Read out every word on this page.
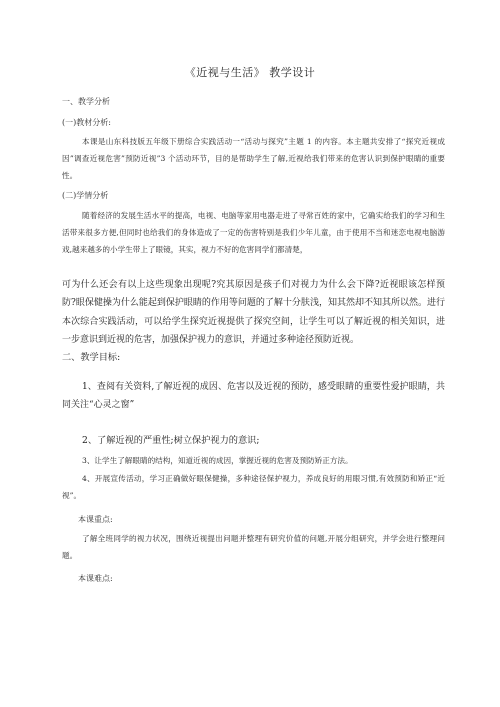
《近视与生活》 教学设计
一、教学分析
(一)教材分析:
本课是山东科技版五年级下册综合实践活动一“活动与探究”主题 1 的内容。本主题共安排了“探究近视成因”调查近视危害”预防近视”3 个活动环节，目的是帮助学生了解,近视给我们带来的危害认识到保护眼睛的重要性。
(二)学情分析
随着经济的发展生活水平的提高，电视、电脑等家用电器走进了寻常百姓的家中，它确实给我们的学习和生活带来很多方便,但同时也给我们的身体造成了一定的伤害特别是我们少年儿童，由于使用不当和迷恋电视电脑游戏,越来越多的小学生带上了眼镜，其实，视力不好的危害同学们都清楚，
可为什么还会有以上这些现象出现呢?究其原因是孩子们对视力为什么会下降?近视眼该怎样预防?眼保健操为什么能起到保护眼睛的作用等问题的了解十分肤浅，知其然却不知其所以然。进行本次综合实践活动，可以给学生探究近视提供了探究空间，让学生可以了解近视的相关知识，进一步意识到近视的危害，加强保护视力的意识，并通过多种途径预防近视。
二、教学目标:
1、查阅有关资料,了解近视的成因、危害以及近视的预防，感受眼睛的重要性爱护眼睛，共同关注“心灵之窗”
2、了解近视的严重性;树立保护视力的意识;
3、让学生了解眼睛的结构，知道近视的成因，掌握近视的危害及预防矫正方法。
4、开展宣传活动，学习正确做好眼保健操，多种途径保护视力，养成良好的用眼习惯,有效预防和矫正“近视”。
本课重点:
了解全班同学的视力状况，围绕近视提出问题并整理有研究价值的问题,开展分组研究，并学会进行整理问题。
本课难点:
